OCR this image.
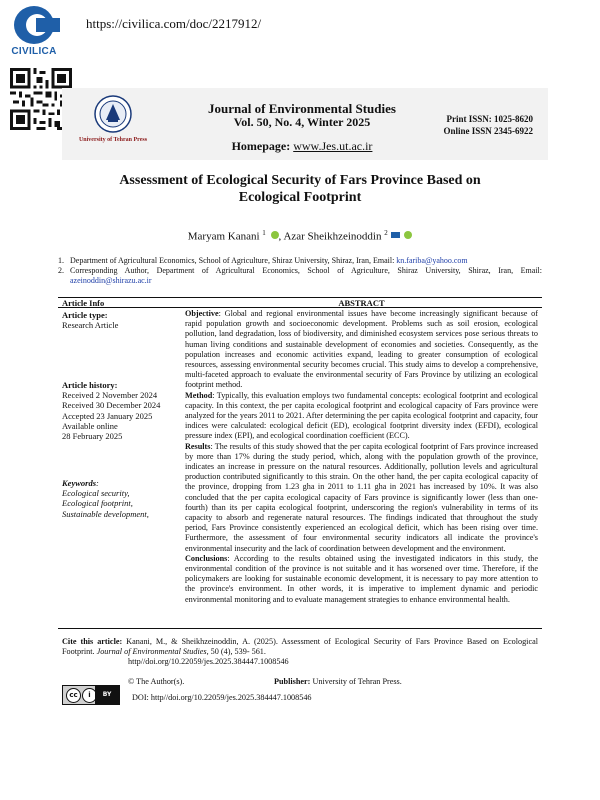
CIVILICA
https://civilica.com/doc/2217912/
University of Tehran Press
Journal of Environmental Studies
Vol. 50, No. 4, Winter 2025
Homepage: www.Jes.ut.ac.ir
Print ISSN: 1025-8620
Online ISSN 2345-6922
Assessment of Ecological Security of Fars Province Based on
Ecological Footprint
Maryam Kanani $^1$ , Azar Sheikhzeinoddin $^2$
1. Department of Agricultural Economics, School of Agriculture, Shiraz University, Shiraz, Iran, Email: kn.fariba@yahoo.com
2. Corresponding Author, Department of Agricultural Economics, School of Agriculture, Shiraz University, Shiraz, Iran, Email: azeinoddin@shirazu.ac.ir
Article Info	ABSTRACT
Article type:
Research Article
Article history:
Received 2 November 2024
Received 30 December 2024
Accepted 23 January 2025
Available online
28 February 2025
Keywords:
Ecological security,
Ecological footprint,
Sustainable development,

Objective: Global and regional environmental issues have become increasingly significant because of rapid population growth and socioeconomic development. Problems such as soil erosion, ecological pollution, land degradation, loss of biodiversity, and diminished ecosystem services pose serious threats to human living conditions and sustainable development of economies and societies. Consequently, as the population increases and economic activities expand, leading to greater consumption of ecological resources, assessing environmental security becomes crucial. This study aims to develop a comprehensive, multi-faceted approach to evaluate the environmental security of Fars Province by utilizing an ecological footprint method.

Method: Typically, this evaluation employs two fundamental concepts: ecological footprint and ecological capacity. In this context, the per capita ecological footprint and ecological capacity of Fars province were analyzed for the years 2011 to 2021. After determining the per capita ecological footprint and capacity, four indices were calculated: ecological deficit (ED), ecological footprint diversity index (EFDI), ecological pressure index (EPI), and ecological coordination coefficient (ECC).

Results: The results of this study showed that the per capita ecological footprint of Fars province increased by more than 17% during the study period, which, along with the population growth of the province, indicates an increase in pressure on the natural resources. Additionally, pollution levels and agricultural production contributed significantly to this strain. On the other hand, the per capita ecological capacity of the province, dropping from 1.23 gha in 2011 to 1.11 gha in 2021 has increased by 10%. It was also concluded that the per capita ecological capacity of Fars province is significantly lower (less than one-fourth) than its per capita ecological footprint, underscoring the region's vulnerability in terms of its capacity to absorb and regenerate natural resources. The findings indicated that throughout the study period, Fars Province consistently experienced an ecological deficit, which has been rising over time. Furthermore, the assessment of four environmental security indicators all indicate the province's environmental insecurity and the lack of coordination between development and the environment.

Conclusions: According to the results obtained using the investigated indicators in this study, the environmental condition of the province is not suitable and it has worsened over time. Therefore, if the policymakers are looking for sustainable economic development, it is necessary to pay more attention to the province's environment. In other words, it is imperative to implement dynamic and periodic environmental monitoring and to evaluate management strategies to enhance environmental health.

Cite this article: Kanani, M., & Sheikhzeinoddin, A. (2025). Assessment of Ecological Security of Fars Province Based on Ecological Footprint. Journal of Environmental Studies, 50 (4), 539- 561.
http//doi.org/10.22059/jes.2025.384447.1008546
© The Author(s).	Publisher: University of Tehran Press.
cc	i	BY	DOI: http//doi.org/10.22059/jes.2025.384447.1008546
